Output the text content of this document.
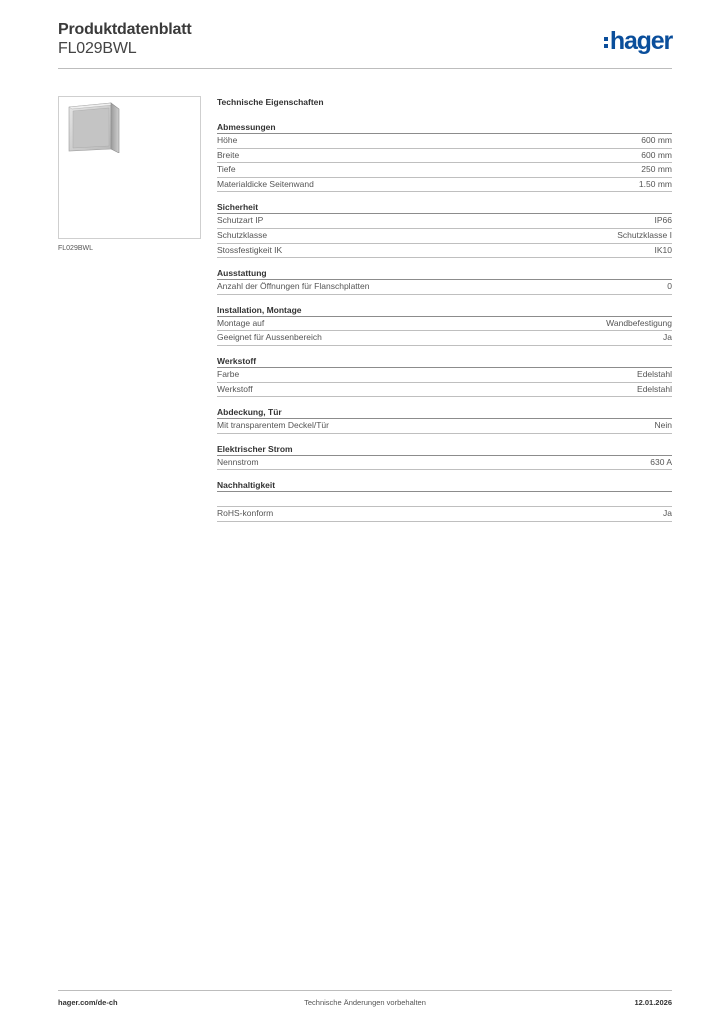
Produktdatenblatt
FL029BWL	hager
FL029BWL
Technische Eigenschaften
Abmessungen
Höhe	600 mm
Breite	600 mm
Tiefe	250 mm
Materialdicke Seitenwand	1.50 mm
Sicherheit
Schutzart IP	IP66
Schutzklasse	Schutzklasse I
Stossfestigkeit IK	IK10
Ausstattung
Anzahl der Öffnungen für Flanschplatten	0
Installation, Montage
Montage auf	Wandbefestigung
Geeignet für Aussenbereich	Ja
Werkstoff
Farbe	Edelstahl
Werkstoff	Edelstahl
Abdeckung, Tür
Mit transparentem Deckel/Tür	Nein
Elektrischer Strom
Nennstrom	630 A
Nachhaltigkeit
RoHS-konform	Ja
hager.com/de-ch	Technische Änderungen vorbehalten	12.01.2026
